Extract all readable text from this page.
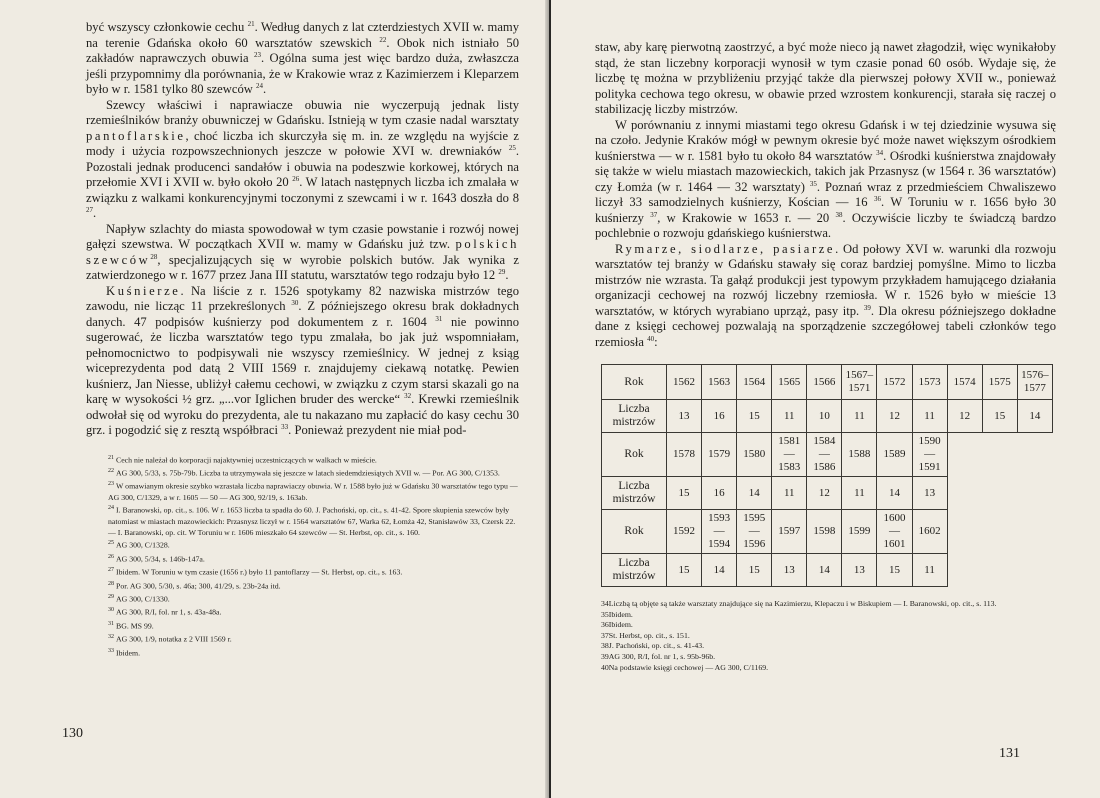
być wszyscy członkowie cechu $^{21}$. Według danych z lat czterdziestych XVII w. mamy na terenie Gdańska około 60 warsztatów szewskich $^{22}$. Obok nich istniało 50 zakładów naprawczych obuwia $^{23}$. Ogólna suma jest więc bardzo duża, zwłaszcza jeśli przypomnimy dla porównania, że w Krakowie wraz z Kazimierzem i Kleparzem było w r. 1581 tylko 80 szewców $^{24}$.

Szewcy właściwi i naprawiacze obuwia nie wyczerpują jednak listy rzemieślników branży obuwniczej w Gdańsku. Istnieją w tym czasie nadal warsztaty pantoflarskie, choć liczba ich skurczyła się m. in. ze względu na wyjście z mody i użycia rozpowszechnionych jeszcze w połowie XVI w. drewniaków $^{25}$. Pozostali jednak producenci sandałów i obuwia na podeszwie korkowej, których na przełomie XVI i XVII w. było około 20 $^{26}$. W latach następnych liczba ich zmalała w związku z walkami konkurencyjnymi toczonymi z szewcami i w r. 1643 doszła do 8 $^{27}$.

Napływ szlachty do miasta spowodował w tym czasie powstanie i rozwój nowej gałęzi szewstwa. W początkach XVII w. mamy w Gdańsku już tzw. polskich szewców$^{28}$, specjalizujących się w wyrobie polskich butów. Jak wynika z zatwierdzonego w r. 1677 przez Jana III statutu, warsztatów tego rodzaju było 12 $^{29}$.

Kuśnierze. Na liście z r. 1526 spotykamy 82 nazwiska mistrzów tego zawodu, nie licząc 11 przekreślonych $^{30}$. Z późniejszego okresu brak dokładnych danych. 47 podpisów kuśnierzy pod dokumentem z r. 1604 $^{31}$ nie powinno sugerować, że liczba warsztatów tego typu zmalała, bo jak już wspomniałam, pełnomocnictwo to podpisywali nie wszyscy rzemieślnicy. W jednej z ksiąg wiceprezydenta pod datą 2 VIII 1569 r. znajdujemy ciekawą notatkę. Pewien kuśnierz, Jan Niesse, ubliżył całemu cechowi, w związku z czym starsi skazali go na karę w wysokości ½ grz. „...vor Iglichen bruder des wercke“ $^{32}$. Krewki rzemieślnik odwołał się od wyroku do prezydenta, ale tu nakazano mu zapłacić do kasy cechu 30 grz. i pogodzić się z resztą współbraci $^{33}$. Ponieważ prezydent nie miał pod-

$^{21}$ Cech nie należał do korporacji najaktywniej uczestniczących w walkach w mieście.

$^{22}$ AG 300, 5/33, s. 75b-79b. Liczba ta utrzymywała się jeszcze w latach siedemdziesiątych XVII w. — Por. AG 300, C/1353.

$^{23}$ W omawianym okresie szybko wzrastała liczba naprawiaczy obuwia. W r. 1588 było już w Gdańsku 30 warsztatów tego typu — AG 300, C/1329, a w r. 1605 — 50 — AG 300, 92/19, s. 163ab.

$^{24}$ I. Baranowski, op. cit., s. 106. W r. 1653 liczba ta spadła do 60. J. Pachoński, op. cit., s. 41-42. Spore skupienia szewców były natomiast w miastach mazowieckich: Przasnysz liczył w r. 1564 warsztatów 67, Warka 62, Łomża 42, Stanisławów 33, Czersk 22. — I. Baranowski, op. cit. W Toruniu w r. 1606 mieszkało 64 szewców — St. Herbst, op. cit., s. 160.

$^{25}$ AG 300, C/1328.

$^{26}$ AG 300, 5/34, s. 146b-147a.

$^{27}$ Ibidem. W Toruniu w tym czasie (1656 r.) było 11 pantoflarzy — St. Herbst, op. cit., s. 163.

$^{28}$ Por. AG 300, 5/30, s. 46a; 300, 41/29, s. 23b-24a itd.

$^{29}$ AG 300, C/1330.

$^{30}$ AG 300, R/I, fol. nr 1, s. 43a-48a.

$^{31}$ BG. MS 99.

$^{32}$ AG 300, 1/9, notatka z 2 VIII 1569 r.

$^{33}$ Ibidem.

130

staw, aby karę pierwotną zaostrzyć, a być może nieco ją nawet złagodził, więc wynikałoby stąd, że stan liczebny korporacji wynosił w tym czasie ponad 60 osób. Wydaje się, że liczbę tę można w przybliżeniu przyjąć także dla pierwszej połowy XVII w., ponieważ polityka cechowa tego okresu, w obawie przed wzrostem konkurencji, starała się raczej o stabilizację liczby mistrzów.

W porównaniu z innymi miastami tego okresu Gdańsk i w tej dziedzinie wysuwa się na czoło. Jedynie Kraków mógł w pewnym okresie być może nawet większym ośrodkiem kuśnierstwa — w r. 1581 było tu około 84 warsztatów $^{34}$. Ośrodki kuśnierstwa znajdowały się także w wielu miastach mazowieckich, takich jak Przasnysz (w 1564 r. 36 warsztatów) czy Łomża (w r. 1464 — 32 warsztaty) $^{35}$. Poznań wraz z przedmieściem Chwaliszewo liczył 33 samodzielnych kuśnierzy, Kościan — 16 $^{36}$. W Toruniu w r. 1656 było 30 kuśnierzy $^{37}$, w Krakowie w 1653 r. — 20 $^{38}$. Oczywiście liczby te świadczą bardzo pochlebnie o rozwoju gdańskiego kuśnierstwa.

Rymarze, siodlarze, pasiarze. Od połowy XVI w. warunki dla rozwoju warsztatów tej branży w Gdańsku stawały się coraz bardziej pomyślne. Mimo to liczba mistrzów nie wzrasta. Ta gałąź produkcji jest typowym przykładem hamującego działania organizacji cechowej na rozwój liczebny rzemiosła. W r. 1526 było w mieście 13 warsztatów, w których wyrabiano uprząż, pasy itp. $^{39}$. Dla okresu późniejszego dokładne dane z księgi cechowej pozwalają na sporządzenie szczegółowej tabeli członków tego rzemiosła $^{40}$:

Rok	1562	1563	1564	1565	1566	1567–1571	1572	1573	1574	1575	1576–1577
Liczba mistrzów	13	16	15	11	10	11	12	11	12	15	14
Rok	1578	1579	1580	1581—1583	1584—1586	1588	1589	1590—1591			
Liczba mistrzów	15	16	14	11	12	11	14	13			
Rok	1592	1593—1594	1595—1596	1597	1598	1599	1600—1601	1602			
Liczba mistrzów	15	14	15	13	14	13	15	11			

34Liczbą tą objęte są także warsztaty znajdujące się na Kazimierzu, Klepaczu i w Biskupiem — I. Baranowski, op. cit., s. 113.

35Ibidem.

36Ibidem.

37St. Herbst, op. cit., s. 151.

38J. Pachoński, op. cit., s. 41-43.

39AG 300, R/I, fol. nr 1, s. 95b-96b.

40Na podstawie księgi cechowej — AG 300, C/1169.

131
